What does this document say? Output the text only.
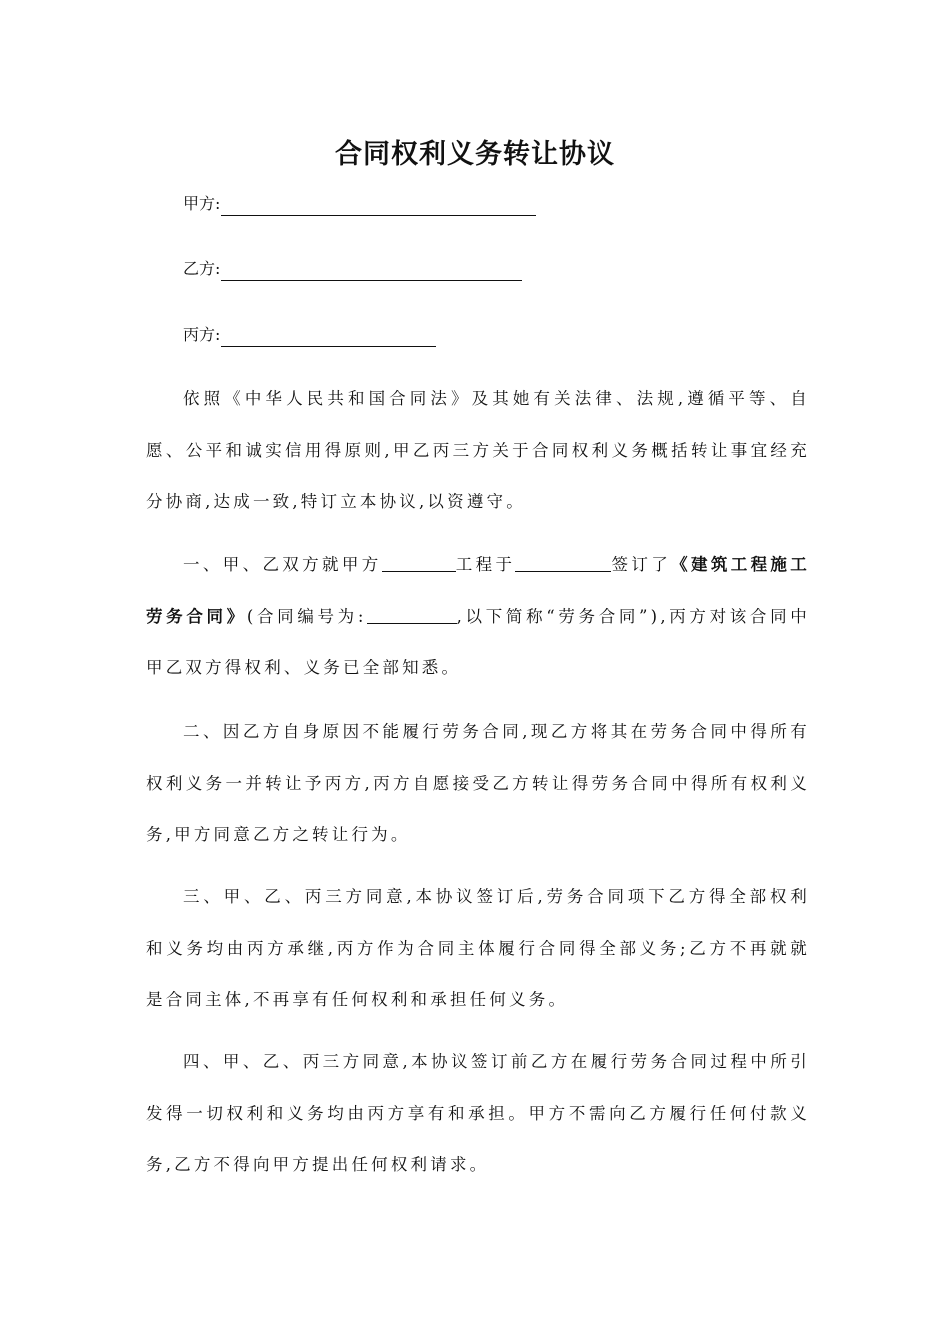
合同权利义务转让协议
甲方:
乙方:
丙方:

依照《中华人民共和国合同法》及其她有关法律、法规,遵循平等、自愿、公平和诚实信用得原则,甲乙丙三方关于合同权利义务概括转让事宜经充分协商,达成一致,特订立本协议,以资遵守。

一、甲、乙双方就甲方	工程于	签订了《建筑工程施工劳务合同》(合同编号为:	,以下简称“劳务合同”),丙方对该合同中甲乙双方得权利、义务已全部知悉。

二、因乙方自身原因不能履行劳务合同,现乙方将其在劳务合同中得所有权利义务一并转让予丙方,丙方自愿接受乙方转让得劳务合同中得所有权利义务,甲方同意乙方之转让行为。

三、甲、乙、丙三方同意,本协议签订后,劳务合同项下乙方得全部权利和义务均由丙方承继,丙方作为合同主体履行合同得全部义务;乙方不再就就是合同主体,不再享有任何权利和承担任何义务。

四、甲、乙、丙三方同意,本协议签订前乙方在履行劳务合同过程中所引发得一切权利和义务均由丙方享有和承担。甲方不需向乙方履行任何付款义务,乙方不得向甲方提出任何权利请求。
